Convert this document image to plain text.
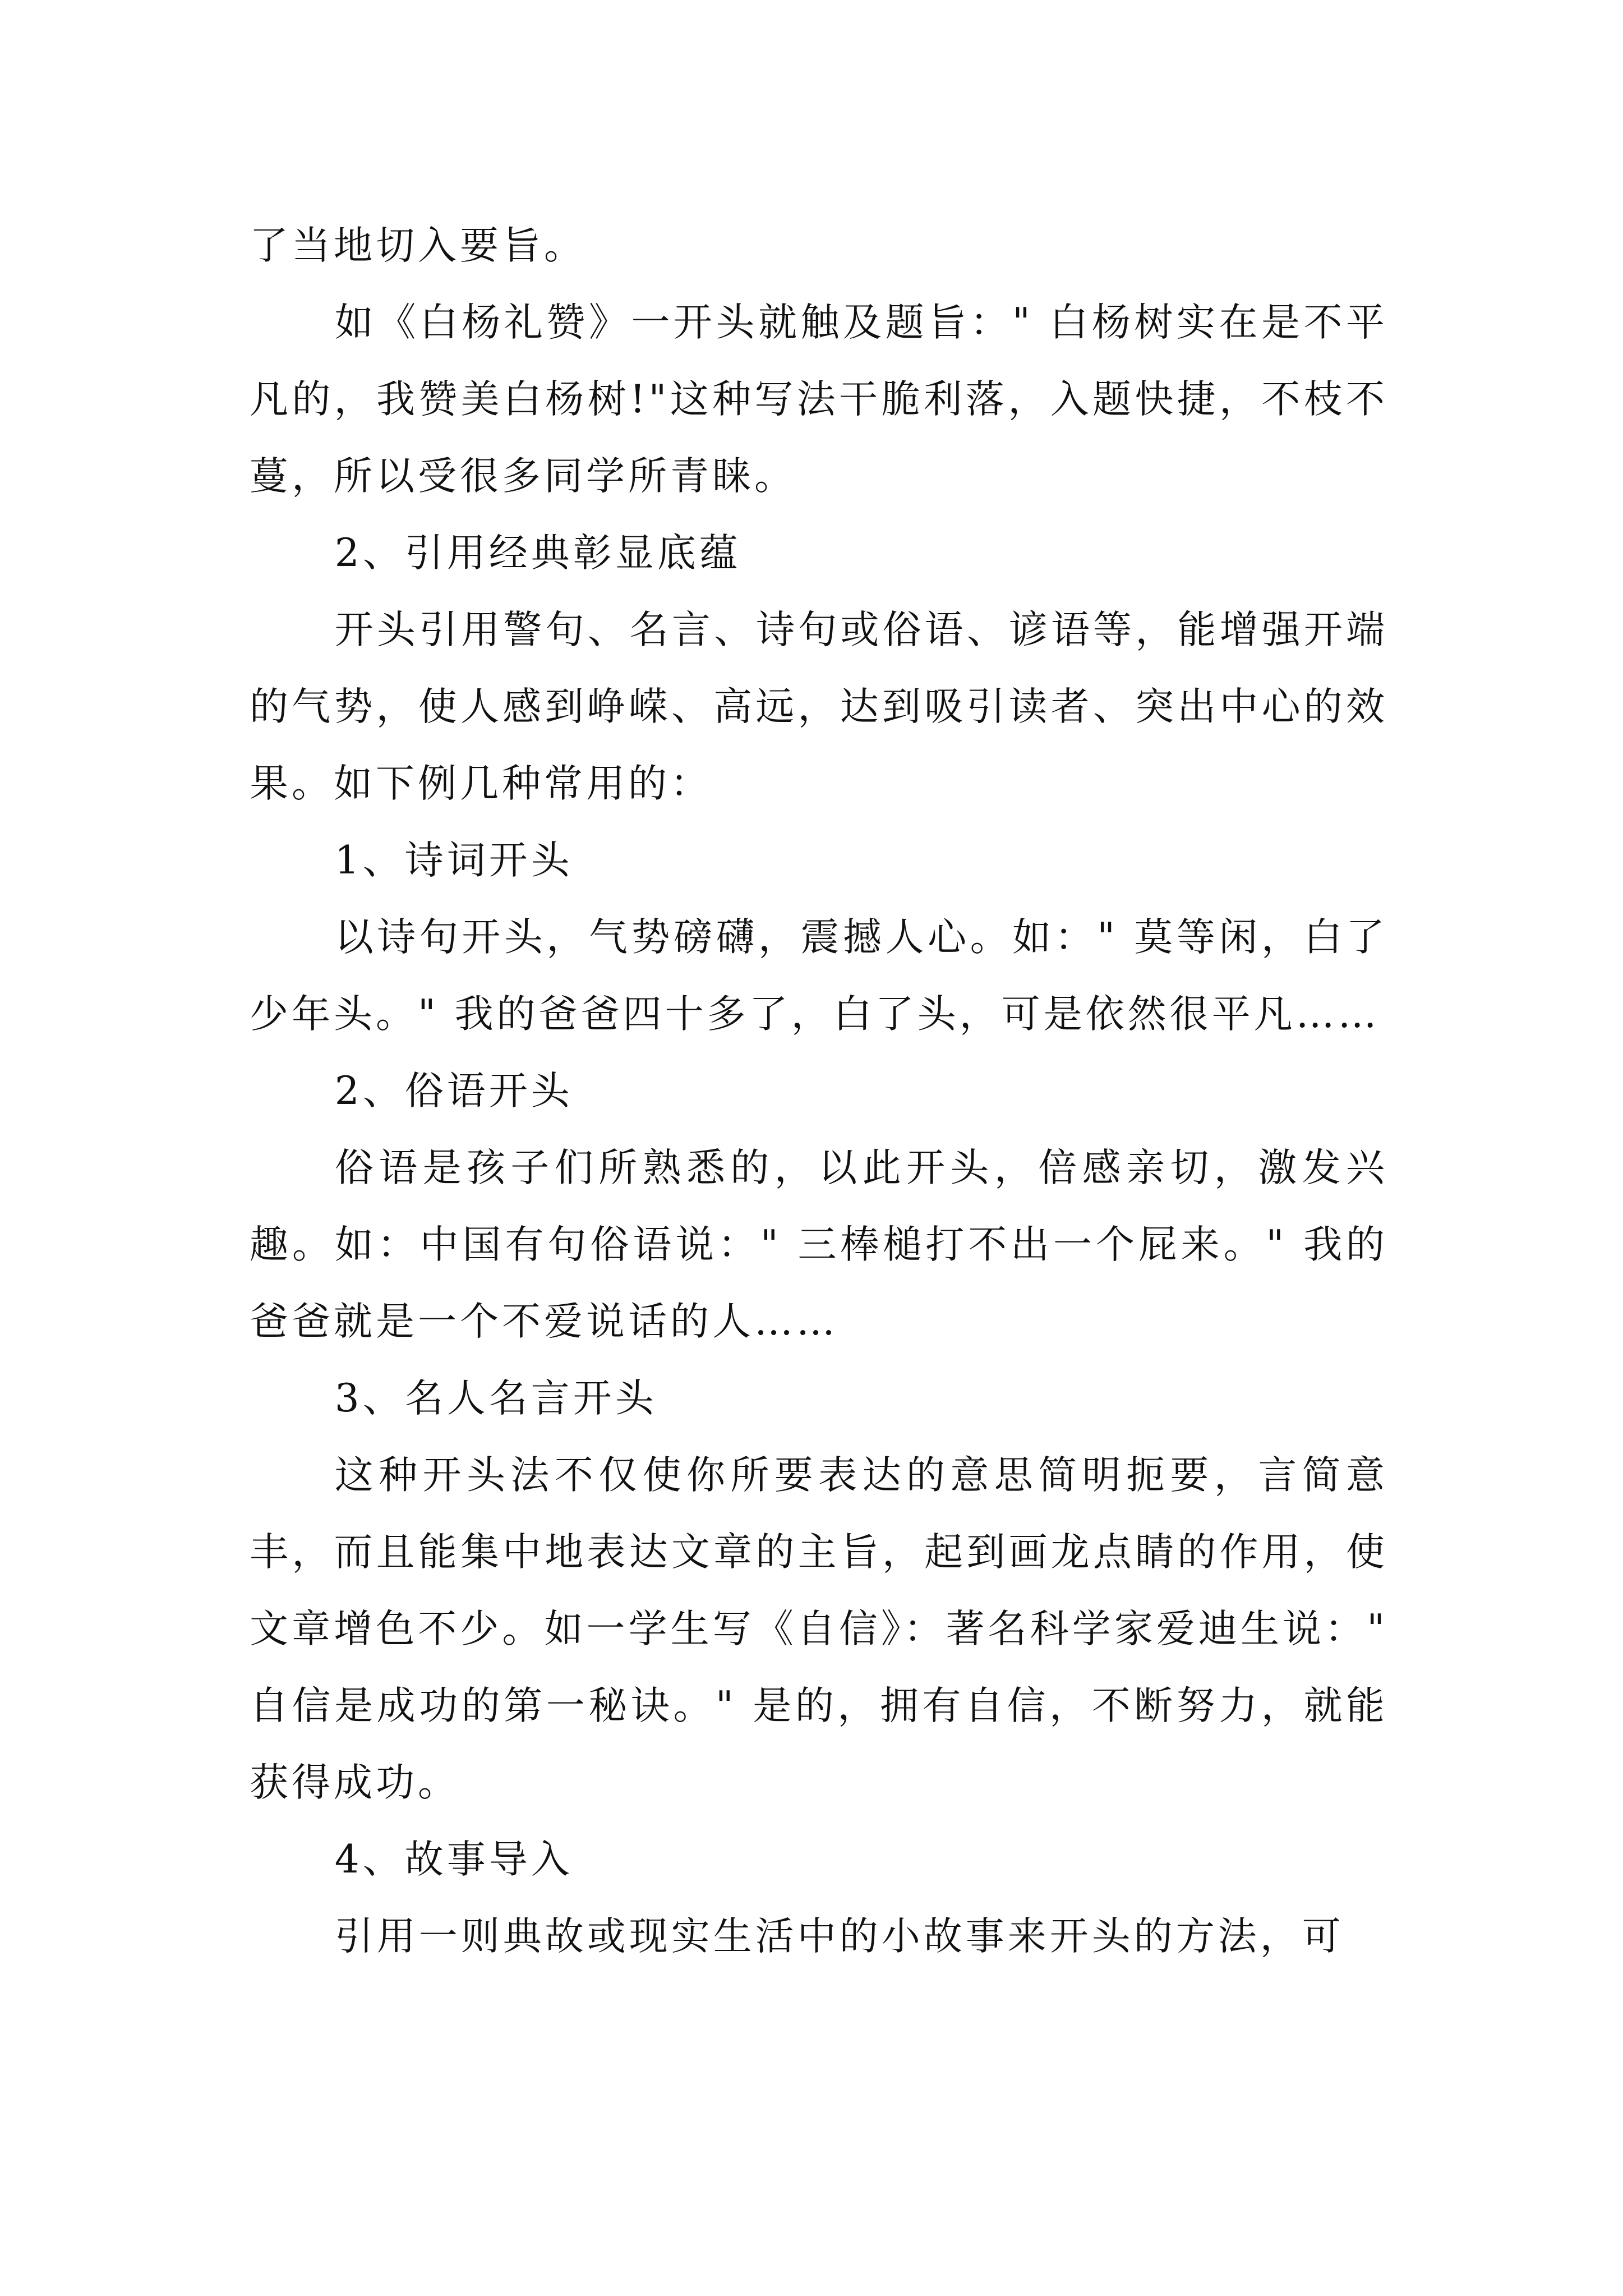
了当地切入要旨。

如《白杨礼赞》一开头就触及题旨：" 白杨树实在是不平凡的，我赞美白杨树!"这种写法干脆利落，入题快捷，不枝不蔓，所以受很多同学所青睐。

2、引用经典彰显底蕴

开头引用警句、名言、诗句或俗语、谚语等，能增强开端的气势，使人感到峥嵘、高远，达到吸引读者、突出中心的效果。如下例几种常用的：

1、诗词开头

以诗句开头，气势磅礴，震撼人心。如：" 莫等闲，白了少年头。" 我的爸爸四十多了，白了头，可是依然很平凡……

2、俗语开头

俗语是孩子们所熟悉的，以此开头，倍感亲切，激发兴趣。如：中国有句俗语说：" 三棒槌打不出一个屁来。" 我的爸爸就是一个不爱说话的人……

3、名人名言开头

这种开头法不仅使你所要表达的意思简明扼要，言简意丰，而且能集中地表达文章的主旨，起到画龙点睛的作用，使文章增色不少。如一学生写《自信》：著名科学家爱迪生说：" 自信是成功的第一秘诀。" 是的，拥有自信，不断努力，就能获得成功。

4、故事导入

引用一则典故或现实生活中的小故事来开头的方法，可
